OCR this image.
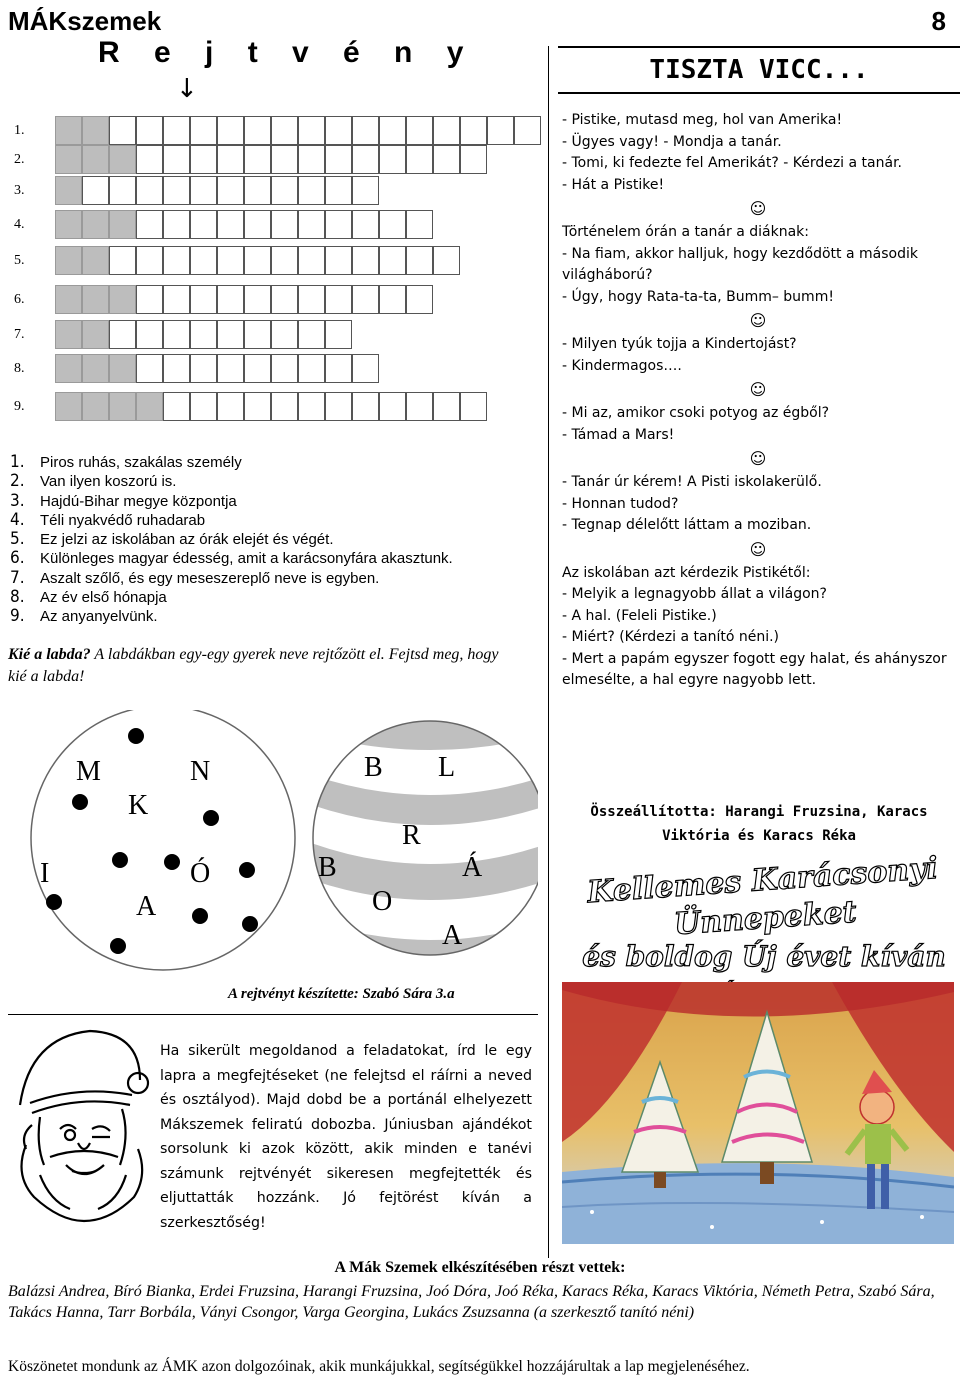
MÁKszemek	8
R e j t v é n y
↓
1.	Piros ruhás, szakálas személy
2.	Van ilyen koszorú is.
3.	Hajdú-Bihar megye központja
4.	Téli nyakvédő ruhadarab
5.	Ez jelzi az iskolában az órák elejét és végét.
6.	Különleges magyar édesség, amit a karácsonyfára akasztunk.
7.	Aszalt szőlő, és egy meseszereplő neve is egyben.
8.	Az év első hónapja
9.	Az anyanyelvünk.
Kié a labda? A labdákban egy-egy gyerek neve rejtőzött el. Fejtsd meg, hogy kié a labda!
M	N
K
I	Ó
A
B L
R
B	Á
O
A
A rejtvényt készítette: Szabó Sára 3.a
Ha sikerült megoldanod a feladatokat, írd le egy lapra a megfejtéseket (ne felejtsd el ráírni a neved és osztályod). Majd dobd be a portánál elhelyezett Mákszemek feliratú dobozba. Júniusban ajándékot sorsolunk ki azok között, akik minden e tanévi számunk rejtvényét sikeresen megfejtették és eljuttatták hozzánk. Jó fejtörést kíván a szerkesztőség!
TISZTA VICC...

- Pistike, mutasd meg, hol van Amerika!

- Ügyes vagy! - Mondja a tanár.

- Tomi, ki fedezte fel Amerikát? - Kérdezi a tanár.

- Hát a Pistike!

☺

Történelem órán a tanár a diáknak:

- Na fiam, akkor halljuk, hogy kezdődött a második világháború?

- Úgy, hogy Rata-ta-ta, Bumm– bumm!

☺

- Milyen tyúk tojja a Kindertojást?

- Kindermagos….

☺

- Mi az, amikor csoki potyog az égből?

- Támad a Mars!

☺

- Tanár úr kérem! A Pisti iskolakerülő.

- Honnan tudod?

- Tegnap délelőtt láttam a moziban.

☺

Az iskolában azt kérdezik Pistikétől:

- Melyik a legnagyobb állat a világon?

- A hal. (Feleli Pistike.)

- Miért? (Kérdezi a tanító néni.)

- Mert a papám egyszer fogott egy halat, és ahányszor elmesélte, a hal egyre nagyobb lett.

Összeállította: Harangi Fruzsina, Karacs Viktória és Karacs Réka
Kellemes Karácsonyi Ünnepeket
és boldog Új évet kíván
A Mák Szemek elkészítésében részt vettek:
Balázsi Andrea, Bíró Bianka, Erdei Fruzsina, Harangi Fruzsina, Joó Dóra, Joó Réka, Karacs Réka, Karacs Viktória, Németh Petra, Szabó Sára, Takács Hanna, Tarr Borbála, Ványi Csongor, Varga Georgina, Lukács Zsuzsanna (a szerkesztő tanító néni)
Köszönetet mondunk az ÁMK azon dolgozóinak, akik munkájukkal, segítségükkel hozzájárultak a lap megjelenéséhez.
1.
2.
3.
4.
5.
6.
7.
8.
9.
